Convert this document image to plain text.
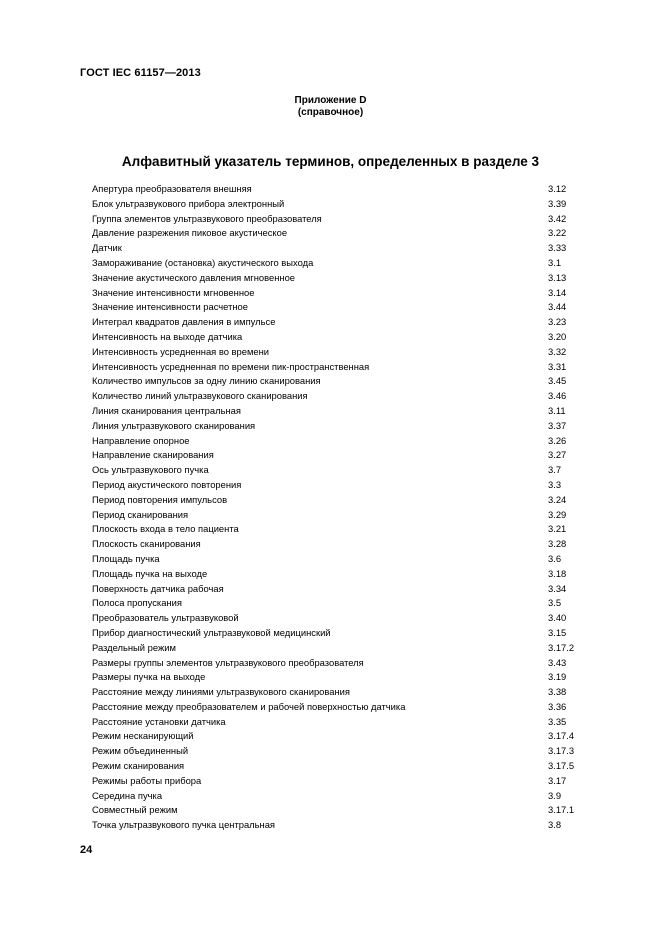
ГОСТ IEC 61157—2013
Приложение D
(справочное)
Алфавитный указатель терминов, определенных в разделе 3
Апертура преобразователя внешняя	3.12
Блок ультразвукового прибора электронный	3.39
Группа элементов ультразвукового преобразователя	3.42
Давление разрежения пиковое акустическое	3.22
Датчик	3.33
Замораживание (остановка) акустического выхода	3.1
Значение акустического давления мгновенное	3.13
Значение интенсивности мгновенное	3.14
Значение интенсивности расчетное	3.44
Интеграл квадратов давления в импульсе	3.23
Интенсивность на выходе датчика	3.20
Интенсивность усредненная во времени	3.32
Интенсивность усредненная по времени пик-пространственная	3.31
Количество импульсов за одну линию сканирования	3.45
Количество линий ультразвукового сканирования	3.46
Линия сканирования центральная	3.11
Линия ультразвукового сканирования	3.37
Направление опорное	3.26
Направление сканирования	3.27
Ось ультразвукового пучка	3.7
Период акустического повторения	3.3
Период повторения импульсов	3.24
Период сканирования	3.29
Плоскость входа в тело пациента	3.21
Плоскость сканирования	3.28
Площадь пучка	3.6
Площадь пучка на выходе	3.18
Поверхность датчика рабочая	3.34
Полоса пропускания	3.5
Преобразователь ультразвуковой	3.40
Прибор диагностический ультразвуковой медицинский	3.15
Раздельный режим	3.17.2
Размеры группы элементов ультразвукового преобразователя	3.43
Размеры пучка на выходе	3.19
Расстояние между линиями ультразвукового сканирования	3.38
Расстояние между преобразователем и рабочей поверхностью датчика	3.36
Расстояние установки датчика	3.35
Режим несканирующий	3.17.4
Режим объединенный	3.17.3
Режим сканирования	3.17.5
Режимы работы прибора	3.17
Середина пучка	3.9
Совместный режим	3.17.1
Точка ультразвукового пучка центральная	3.8
24
